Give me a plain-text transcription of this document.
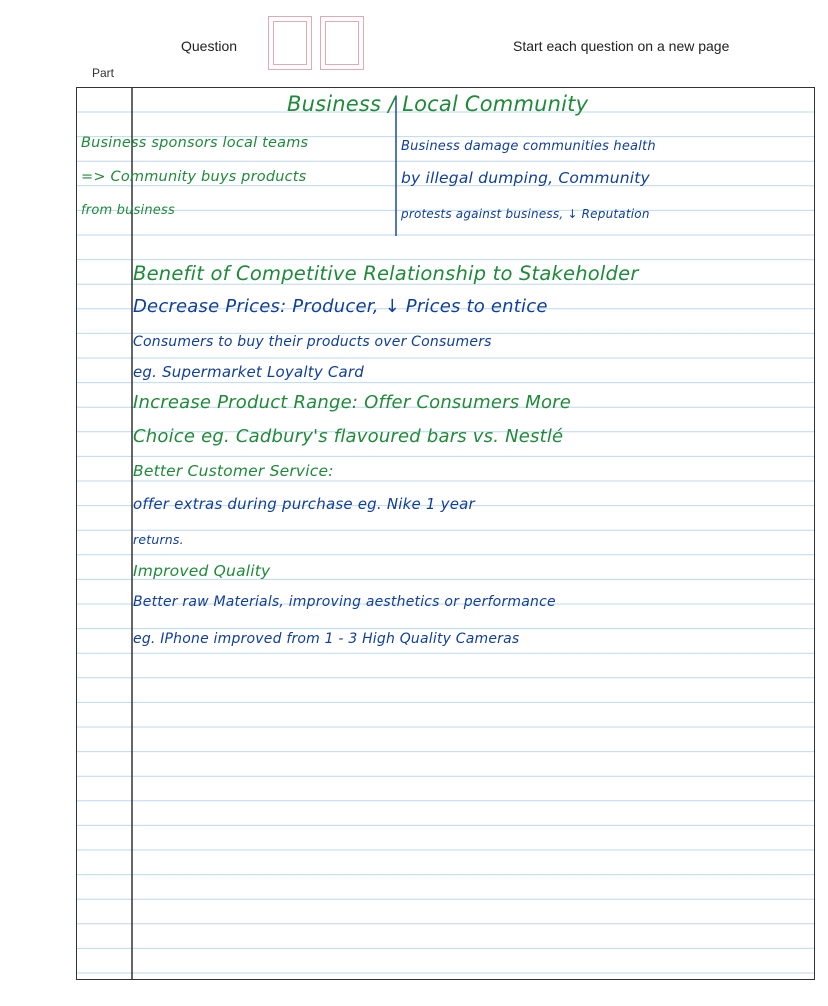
Question
Part
Start each question on a new page
Business / Local Community
Business sponsors local teams
=> Community buys products
from business
Business damage communities health
by illegal dumping, Community
protests against business, ↓ Reputation
Benefit of Competitive Relationship to Stakeholder
Decrease Prices: Producer, ↓ Prices to entice
Consumers to buy their products over Consumers
eg. Supermarket Loyalty Card
Increase Product Range: Offer Consumers More
Choice eg. Cadbury's flavoured bars vs. Nestlé
Better Customer Service:
offer extras during purchase eg. Nike 1 year
returns.
Improved Quality
Better raw Materials, improving aesthetics or performance
eg. IPhone improved from 1 - 3 High Quality Cameras
